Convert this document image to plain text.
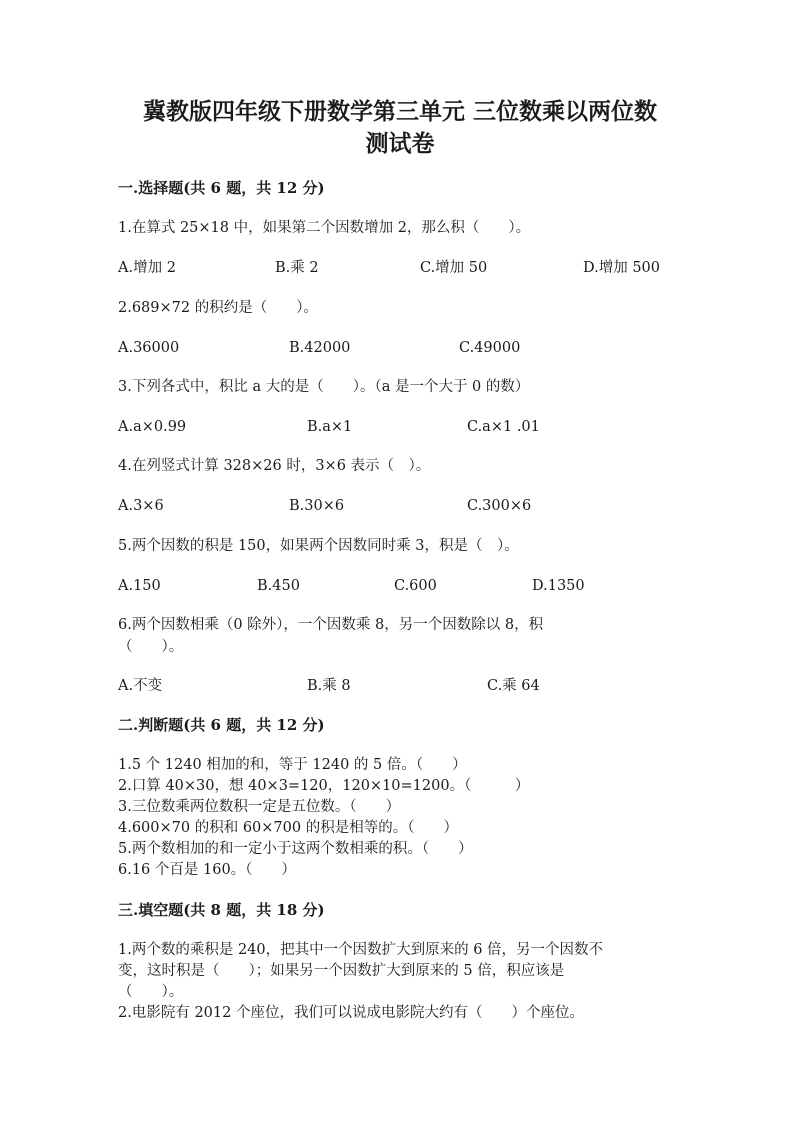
冀教版四年级下册数学第三单元 三位数乘以两位数
测试卷
一.选择题(共 6 题，共 12 分)
1.在算式 25×18 中，如果第二个因数增加 2，那么积（　　）。
A.增加 2	B.乘 2	C.增加 50	D.增加 500
2.689×72 的积约是（　　）。
A.36000	B.42000	C.49000
3.下列各式中，积比 a 大的是（　　）。（a 是一个大于 0 的数）
A.a×0.99	B.a×1	C.a×1 .01
4.在列竖式计算 328×26 时，3×6 表示（　）。
A.3×6	B.30×6	C.300×6
5.两个因数的积是 150，如果两个因数同时乘 3，积是（　）。
A.150	B.450	C.600	D.1350
6.两个因数相乘（0 除外），一个因数乘 8，另一个因数除以 8，积
（　　）。
A.不变	B.乘 8	C.乘 64
二.判断题(共 6 题，共 12 分)
1.5 个 1240 相加的和，等于 1240 的 5 倍。（　　）
2.口算 40×30，想 40×3=120，120×10=1200。（　　　）
3.三位数乘两位数积一定是五位数。（　　）
4.600×70 的积和 60×700 的积是相等的。（　　）
5.两个数相加的和一定小于这两个数相乘的积。（　　）
6.16 个百是 160。（　　）
三.填空题(共 8 题，共 18 分)
1.两个数的乘积是 240，把其中一个因数扩大到原来的 6 倍，另一个因数不
变，这时积是（　　）；如果另一个因数扩大到原来的 5 倍，积应该是
（　　）。
2.电影院有 2012 个座位，我们可以说成电影院大约有（　　）个座位。
